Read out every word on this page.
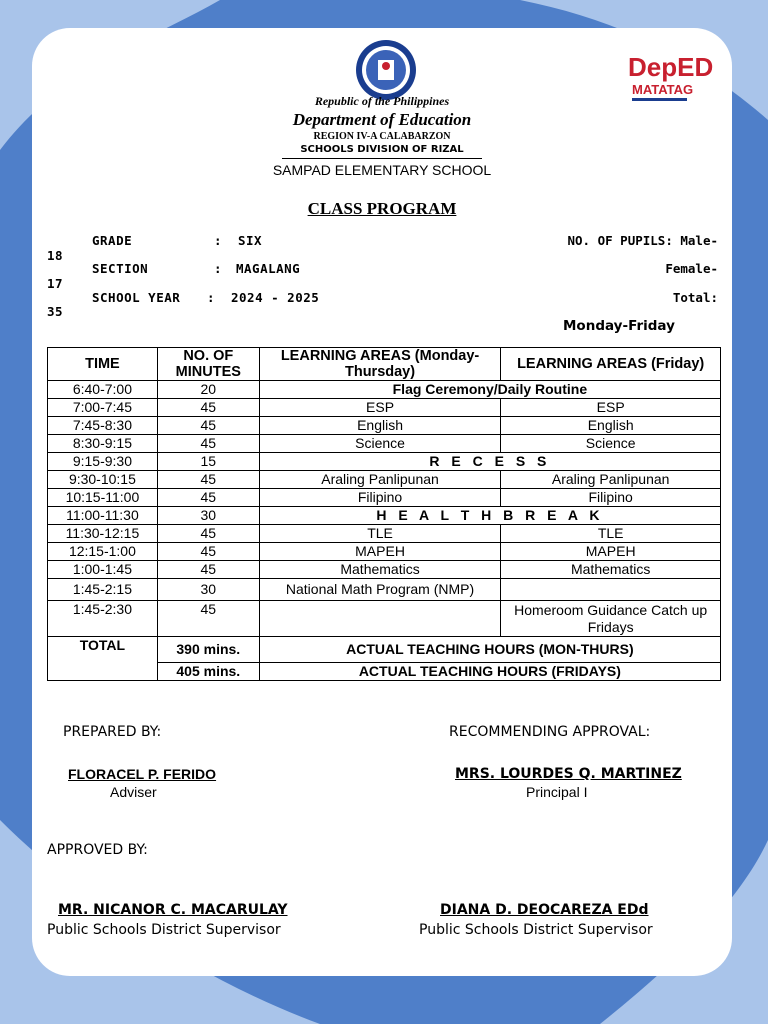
DepED
MATATAG
Republic of the Philippines
Department of Education
REGION IV-A CALABARZON
SCHOOLS DIVISION OF RIZAL
SAMPAD ELEMENTARY SCHOOL
CLASS PROGRAM
GRADE	: SIX	NO. OF PUPILS: Male-
18
SECTION	: MAGALANG	Female-
17
SCHOOL YEAR : 2024 - 2025	Total:
35
Monday-Friday
TIME	NO. OF MINUTES	LEARNING AREAS (Monday-Thursday)	LEARNING AREAS (Friday)
6:40-7:00	20	Flag Ceremony/Daily Routine	
7:00-7:45	45	ESP	ESP
7:45-8:30	45	English	English
8:30-9:15	45	Science	Science
9:15-9:30	15	R E C E S S	
9:30-10:15	45	Araling Panlipunan	Araling Panlipunan
10:15-11:00	45	Filipino	Filipino
11:00-11:30	30	H E A L T H B R E A K	
11:30-12:15	45	TLE	TLE
12:15-1:00	45	MAPEH	MAPEH
1:00-1:45	45	Mathematics	Mathematics
1:45-2:15	30	National Math Program (NMP)	
1:45-2:30	45		Homeroom Guidance Catch up Fridays
TOTAL	390 mins.	ACTUAL TEACHING HOURS (MON-THURS)	
	405 mins.	ACTUAL TEACHING HOURS (FRIDAYS)	
PREPARED BY:	RECOMMENDING APPROVAL:
FLORACEL P. FERIDO
Adviser
MRS. LOURDES Q. MARTINEZ
Principal I
APPROVED BY:
MR. NICANOR C. MACARULAY
Public Schools District Supervisor
DIANA D. DEOCAREZA EDd
Public Schools District Supervisor
